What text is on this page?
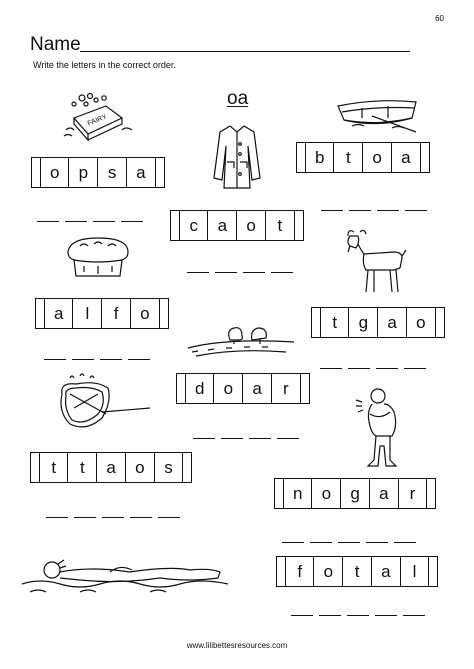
60
Name
Write the letters in the correct order.
oa
FAIRY
o	p	s	a
c	a	o	t
b	t	o	a
a	l	f	o	t	g	a	o
d	o	a	r
t	t	a	o	s
n	o	g	a	r
f	o	t	a	l
www.lilibettesresources.com
